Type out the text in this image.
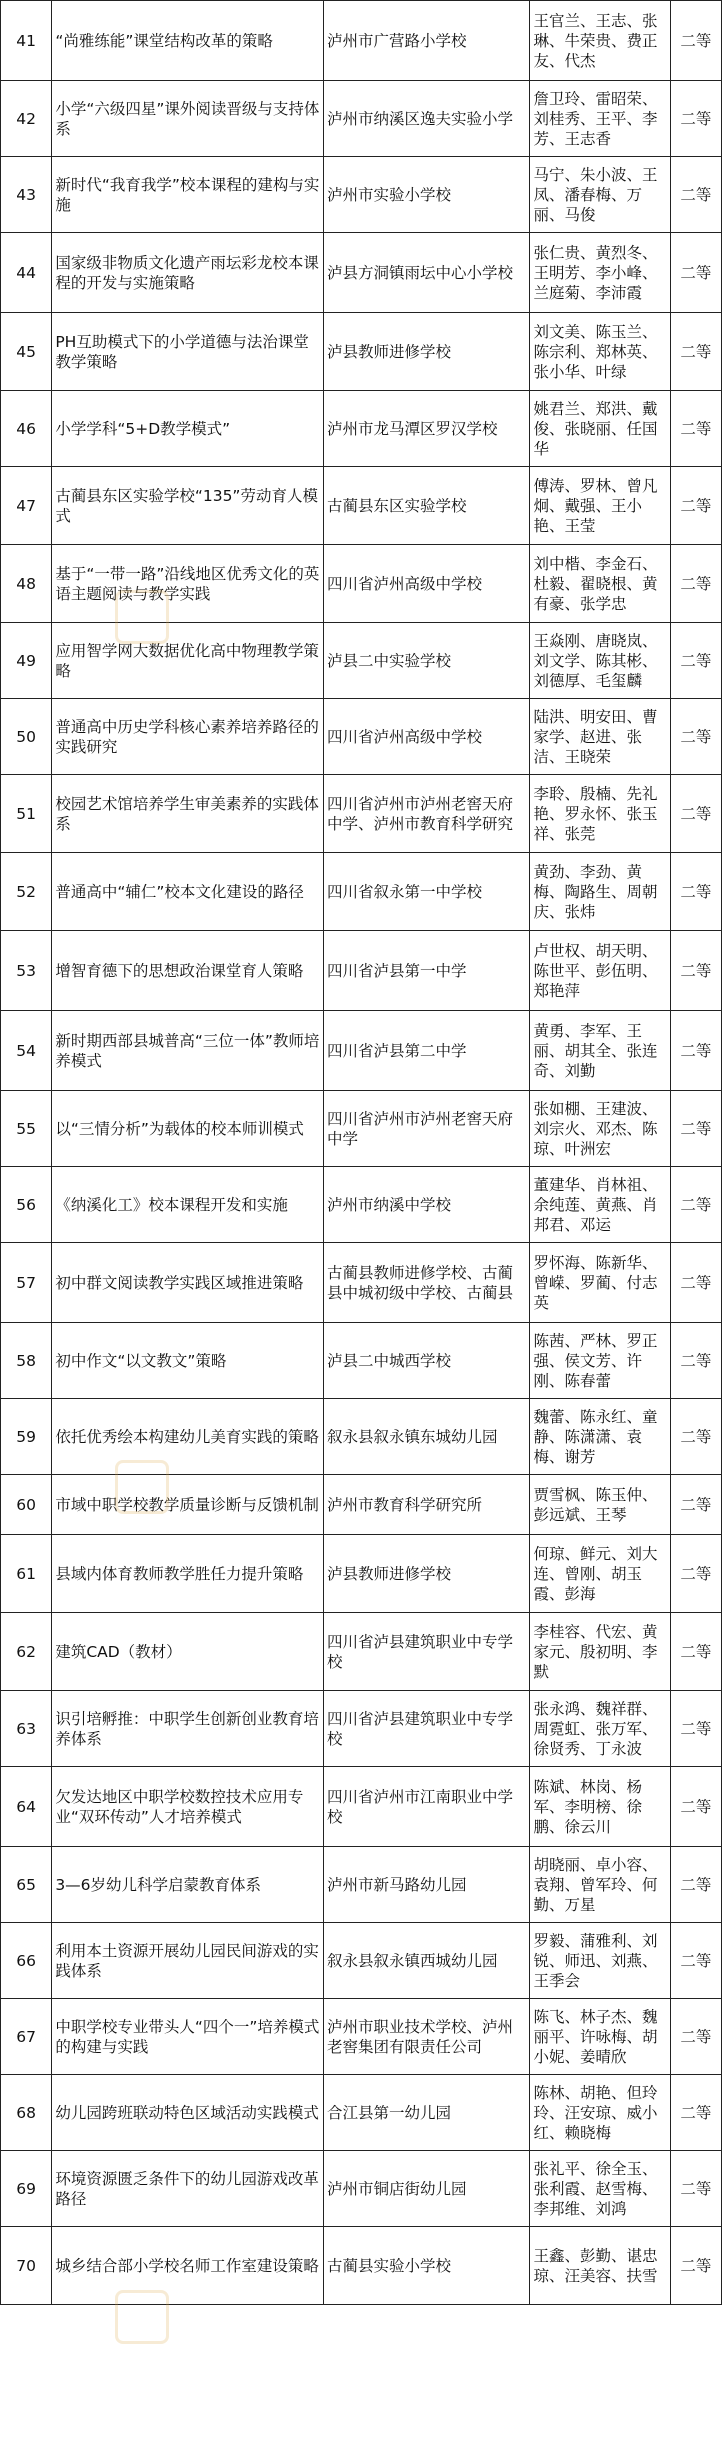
41	“尚雅练能”课堂结构改革的策略	泸州市广营路小学校	王官兰、王志、张琳、牛荣贵、费正友、代杰	二等
42	小学“六级四星”课外阅读晋级与支持体系	泸州市纳溪区逸夫实验小学	詹卫玲、雷昭荣、刘桂秀、王平、李芳、王志香	二等
43	新时代“我育我学”校本课程的建构与实施	泸州市实验小学校	马宁、朱小波、王凤、潘春梅、万丽、马俊	二等
44	国家级非物质文化遗产雨坛彩龙校本课程的开发与实施策略	泸县方洞镇雨坛中心小学校	张仁贵、黄烈冬、王明芳、李小峰、兰庭菊、李沛霞	二等
45	PH互助模式下的小学道德与法治课堂教学策略	泸县教师进修学校	刘文美、陈玉兰、陈宗利、郑林英、张小华、叶绿	二等
46	小学学科“5+D教学模式”	泸州市龙马潭区罗汉学校	姚君兰、郑洪、戴俊、张晓丽、任国华	二等
47	古蔺县东区实验学校“135”劳动育人模式	古蔺县东区实验学校	傅涛、罗林、曾凡炯、戴强、王小艳、王莹	二等
48	基于“一带一路”沿线地区优秀文化的英语主题阅读与教学实践	四川省泸州高级中学校	刘中楷、李金石、杜毅、翟晓根、黄有豪、张学忠	二等
49	应用智学网大数据优化高中物理教学策略	泸县二中实验学校	王焱刚、唐晓岚、刘文学、陈其彬、刘德厚、毛玺麟	二等
50	普通高中历史学科核心素养培养路径的实践研究	四川省泸州高级中学校	陆洪、明安田、曹家学、赵进、张洁、王晓荣	二等
51	校园艺术馆培养学生审美素养的实践体系	四川省泸州市泸州老窖天府中学、泸州市教育科学研究	李聆、殷楠、先礼艳、罗永怀、张玉祥、张莞	二等
52	普通高中“辅仁”校本文化建设的路径	四川省叙永第一中学校	黄劲、李劲、黄梅、陶路生、周朝庆、张炜	二等
53	增智育德下的思想政治课堂育人策略	四川省泸县第一中学	卢世权、胡天明、陈世平、彭伍明、郑艳萍	二等
54	新时期西部县城普高“三位一体”教师培养模式	四川省泸县第二中学	黄勇、李军、王丽、胡其全、张连奇、刘勤	二等
55	以“三情分析”为载体的校本师训模式	四川省泸州市泸州老窖天府中学	张如棚、王建波、刘宗火、邓杰、陈琼、叶洲宏	二等
56	《纳溪化工》校本课程开发和实施	泸州市纳溪中学校	董建华、肖林祖、余纯莲、黄燕、肖邦君、邓运	二等
57	初中群文阅读教学实践区域推进策略	古蔺县教师进修学校、古蔺县中城初级中学校、古蔺县	罗怀海、陈新华、曾嵘、罗蔺、付志英	二等
58	初中作文“以文教文”策略	泸县二中城西学校	陈茜、严林、罗正强、侯文芳、许刚、陈春蕾	二等
59	依托优秀绘本构建幼儿美育实践的策略	叙永县叙永镇东城幼儿园	魏蕾、陈永红、童静、陈潇潇、袁梅、谢芳	二等
60	市域中职学校教学质量诊断与反馈机制	泸州市教育科学研究所	贾雪枫、陈玉仲、彭远斌、王琴	二等
61	县域内体育教师教学胜任力提升策略	泸县教师进修学校	何琼、鲜元、刘大连、曾刚、胡玉霞、彭海	二等
62	建筑CAD（教材）	四川省泸县建筑职业中专学校	李桂容、代宏、黄家元、殷初明、李默	二等
63	识引培孵推：中职学生创新创业教育培养体系	四川省泸县建筑职业中专学校	张永鸿、魏祥群、周霓虹、张万军、徐贤秀、丁永波	二等
64	欠发达地区中职学校数控技术应用专业“双环传动”人才培养模式	四川省泸州市江南职业中学校	陈斌、林岗、杨军、李明榜、徐鹏、徐云川	二等
65	3—6岁幼儿科学启蒙教育体系	泸州市新马路幼儿园	胡晓丽、卓小容、袁翔、曾军玲、何勤、万星	二等
66	利用本土资源开展幼儿园民间游戏的实践体系	叙永县叙永镇西城幼儿园	罗毅、蒲雅利、刘锐、师迅、刘燕、王季会	二等
67	中职学校专业带头人“四个一”培养模式的构建与实践	泸州市职业技术学校、泸州老窖集团有限责任公司	陈飞、林子杰、魏丽平、许咏梅、胡小妮、姜晴欣	二等
68	幼儿园跨班联动特色区域活动实践模式	合江县第一幼儿园	陈林、胡艳、但玲玲、汪安琼、威小红、赖晓梅	二等
69	环境资源匮乏条件下的幼儿园游戏改革路径	泸州市铜店街幼儿园	张礼平、徐全玉、张利霞、赵雪梅、李邦维、刘鸿	二等
70	城乡结合部小学校名师工作室建设策略	古蔺县实验小学校	王鑫、彭勤、谌忠琼、汪美容、扶雪	二等
